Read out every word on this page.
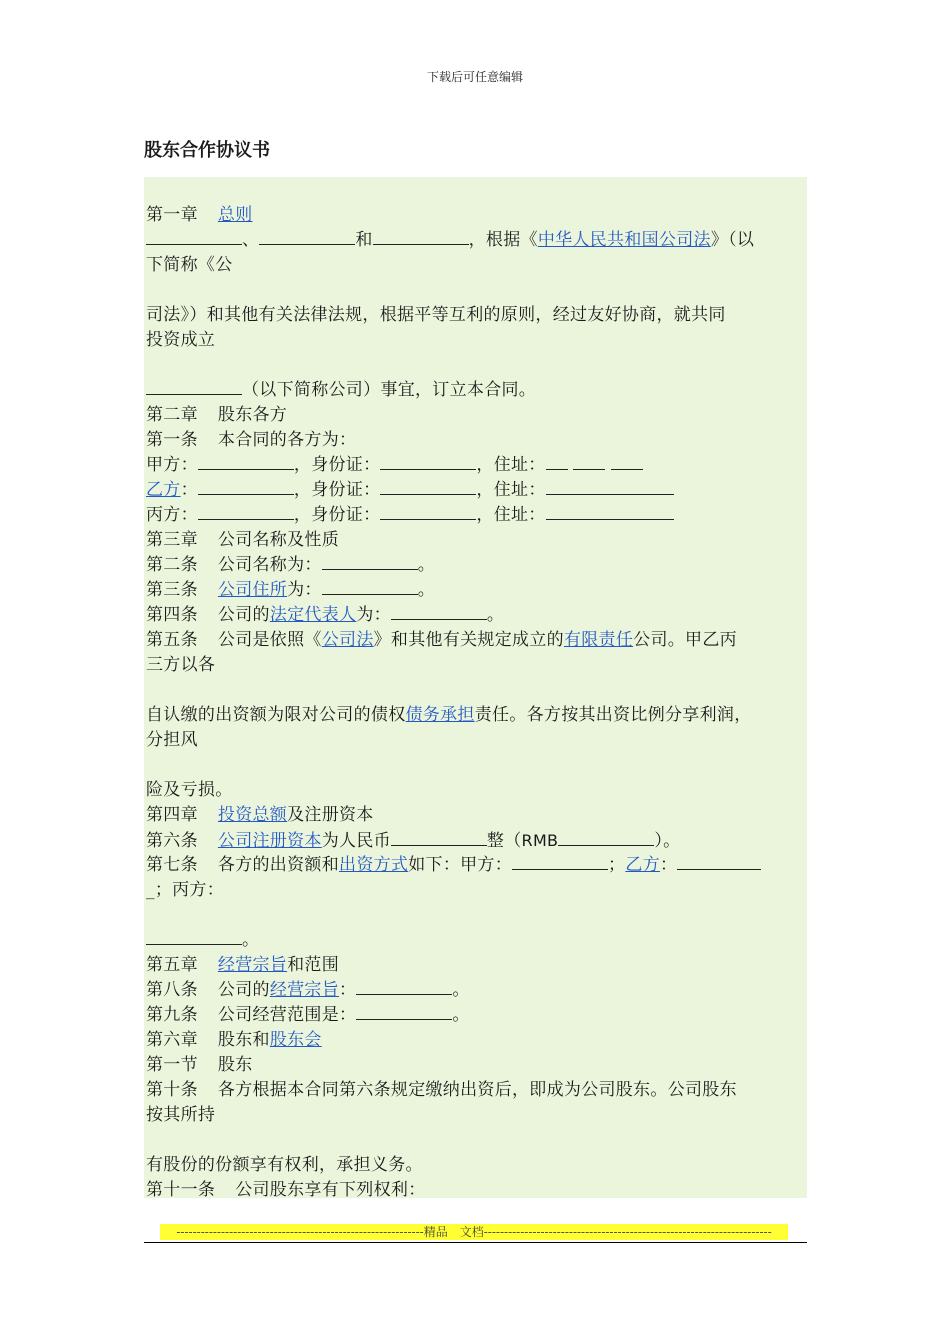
下载后可任意编辑
股东合作协议书
第一章 总则
、	和	，根据《中华人民共和国公司法》（以
下简称《公
司法》）和其他有关法律法规，根据平等互利的原则，经过友好协商，就共同
投资成立
（以下简称公司）事宜，订立本合同。
第二章 股东各方
第一条 本合同的各方为：
甲方：	，身份证：	，住址：
乙方：	，身份证：	，住址：
丙方：	，身份证：	，住址：
第三章 公司名称及性质
第二条 公司名称为：	。
第三条 公司住所为：	。
第四条 公司的法定代表人为：	。
第五条 公司是依照《公司法》和其他有关规定成立的有限责任公司。甲乙丙
三方以各
自认缴的出资额为限对公司的债权债务承担责任。各方按其出资比例分享利润，
分担风
险及亏损。
第四章 投资总额及注册资本
第六条 公司注册资本为人民币	整（RMB	）。
第七条 各方的出资额和出资方式如下：甲方：	；乙方：
_；丙方：
。
第五章 经营宗旨和范围
第八条 公司的经营宗旨：	。
第九条 公司经营范围是：	。
第六章 股东和股东会
第一节 股东
第十条 各方根据本合同第六条规定缴纳出资后，即成为公司股东。公司股东
按其所持
有股份的份额享有权利，承担义务。
第十一条 公司股东享有下列权利：
-------------------------------------------------------------精品　文档-----------------------------------------------------------------------
